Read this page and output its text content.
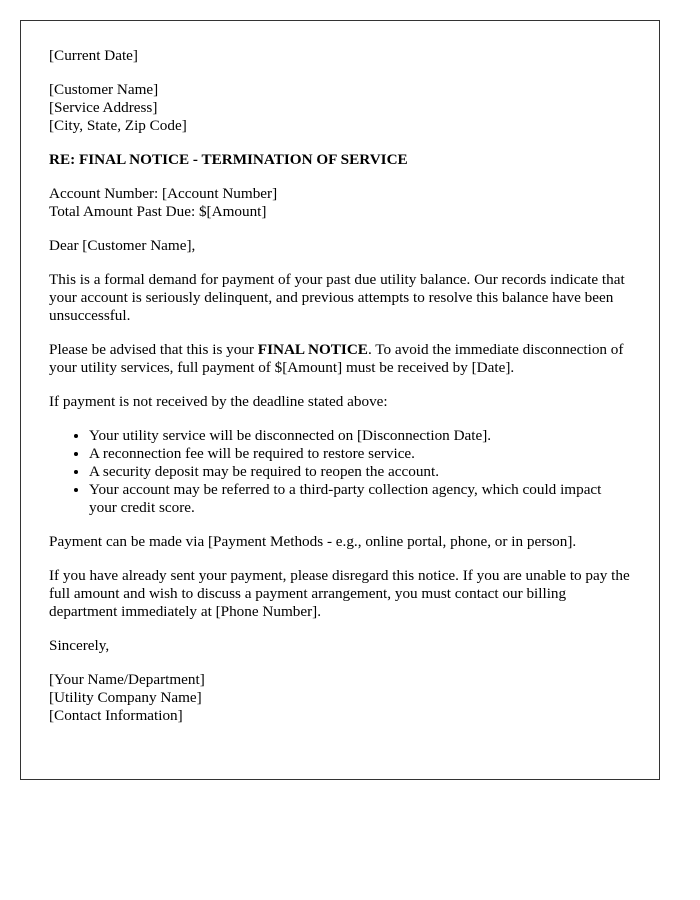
[Current Date]

[Customer Name]
[Service Address]
[City, State, Zip Code]

RE: FINAL NOTICE - TERMINATION OF SERVICE

Account Number: [Account Number]
Total Amount Past Due: $[Amount]

Dear [Customer Name],

This is a formal demand for payment of your past due utility balance. Our records indicate that your account is seriously delinquent, and previous attempts to resolve this balance have been unsuccessful.

Please be advised that this is your FINAL NOTICE. To avoid the immediate disconnection of your utility services, full payment of $[Amount] must be received by [Date].

If payment is not received by the deadline stated above:

• Your utility service will be disconnected on [Disconnection Date].
• A reconnection fee will be required to restore service.
• A security deposit may be required to reopen the account.
• Your account may be referred to a third-party collection agency, which could impact your credit score.

Payment can be made via [Payment Methods - e.g., online portal, phone, or in person].

If you have already sent your payment, please disregard this notice. If you are unable to pay the full amount and wish to discuss a payment arrangement, you must contact our billing department immediately at [Phone Number].

Sincerely,

[Your Name/Department]
[Utility Company Name]
[Contact Information]
